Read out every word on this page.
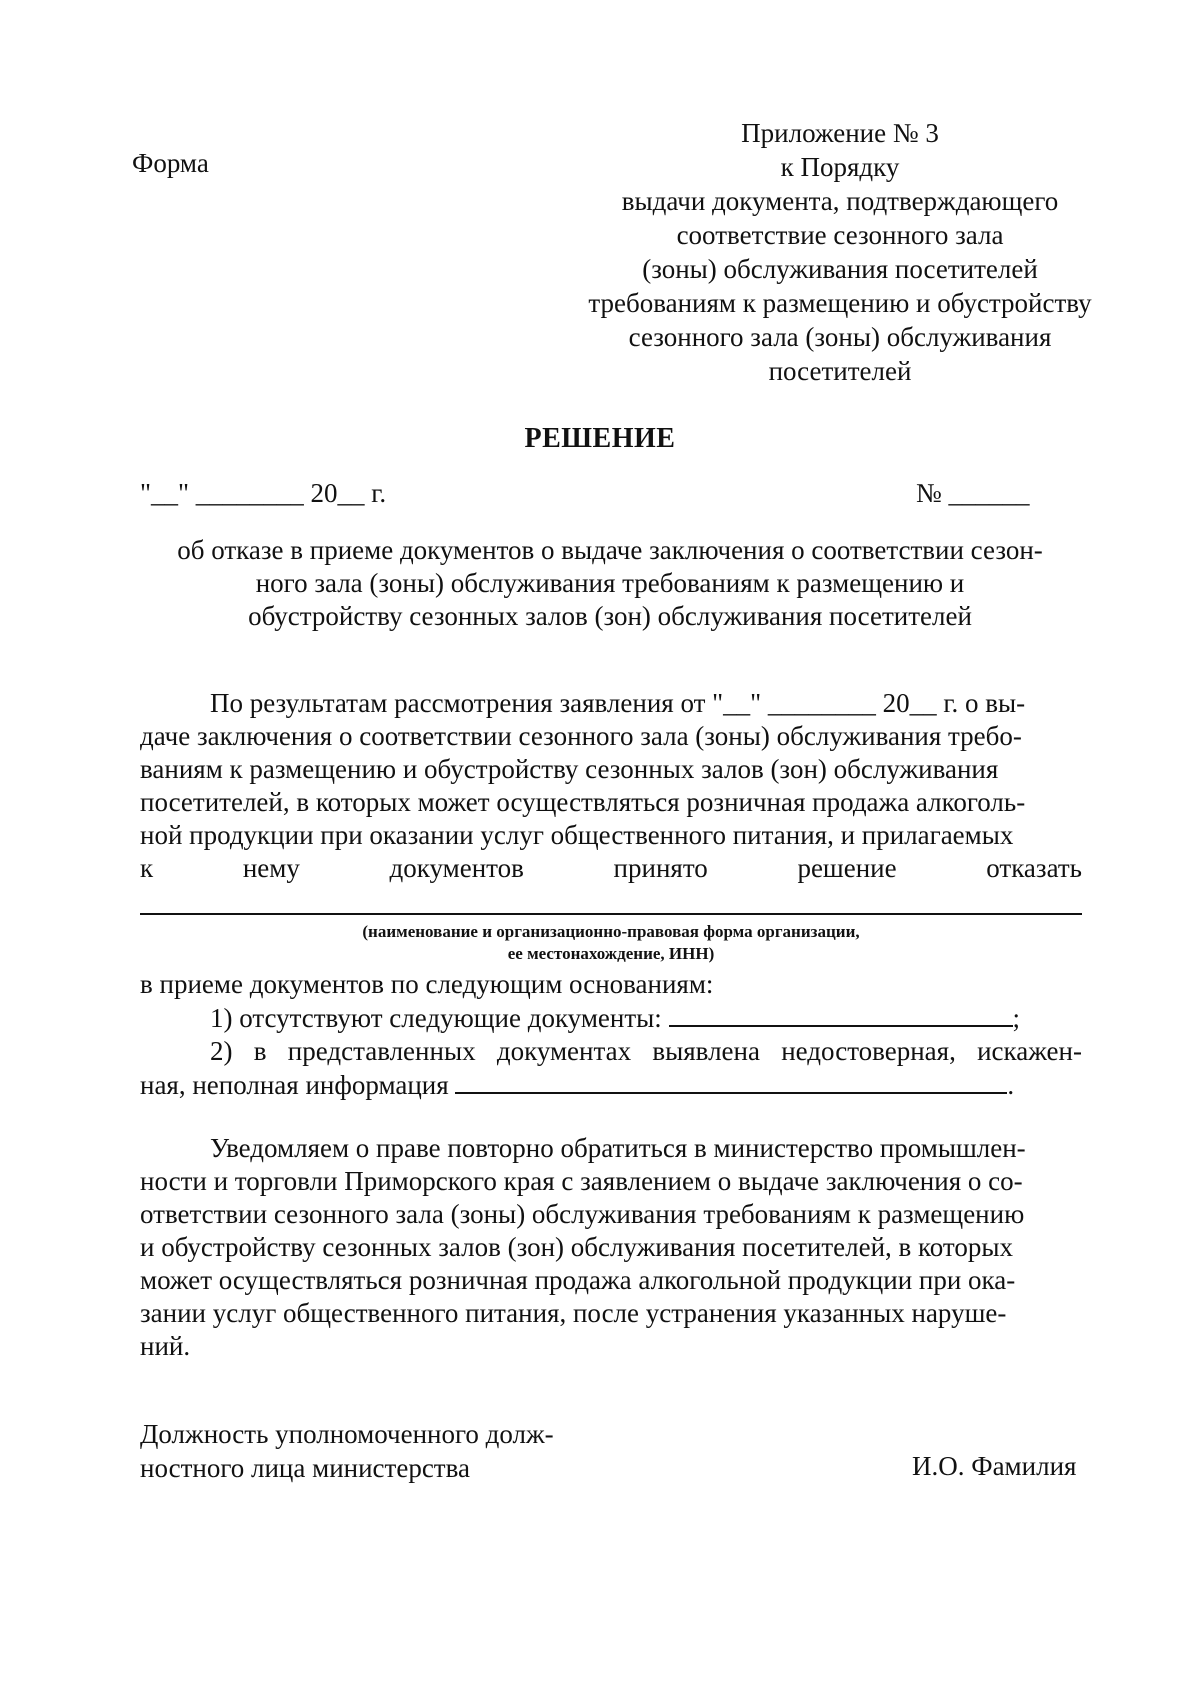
Форма
Приложение № 3
к Порядку
выдачи документа, подтверждающего
соответствие сезонного зала
(зоны) обслуживания посетителей
требованиям к размещению и обустройству
сезонного зала (зоны) обслуживания
посетителей
РЕШЕНИЕ
"__" ________ 20__ г.	№ ______
об отказе в приеме документов о выдаче заключения о соответствии сезон-
ного зала (зоны) обслуживания требованиям к размещению и
обустройству сезонных залов (зон) обслуживания посетителей
По результатам рассмотрения заявления от "__" ________ 20__ г. о вы-
даче заключения о соответствии сезонного зала (зоны) обслуживания требо-
ваниям к размещению и обустройству сезонных залов (зон) обслуживания
посетителей, в которых может осуществляться розничная продажа алкоголь-
ной продукции при оказании услуг общественного питания, и прилагаемых
к	нему	документов	принято	решение	отказать
(наименование и организационно-правовая форма организации,
ее местонахождение, ИНН)
в приеме документов по следующим основаниям:
1) отсутствуют следующие документы:	;
2) в представленных документах выявлена недостоверная, искажен-
ная, неполная информация	.
Уведомляем о праве повторно обратиться в министерство промышлен-
ности и торговли Приморского края с заявлением о выдаче заключения о со-
ответствии сезонного зала (зоны) обслуживания требованиям к размещению
и обустройству сезонных залов (зон) обслуживания посетителей, в которых
может осуществляться розничная продажа алкогольной продукции при ока-
зании услуг общественного питания, после устранения указанных наруше-
ний.
Должность уполномоченного долж-
ностного лица министерства	И.О. Фамилия
